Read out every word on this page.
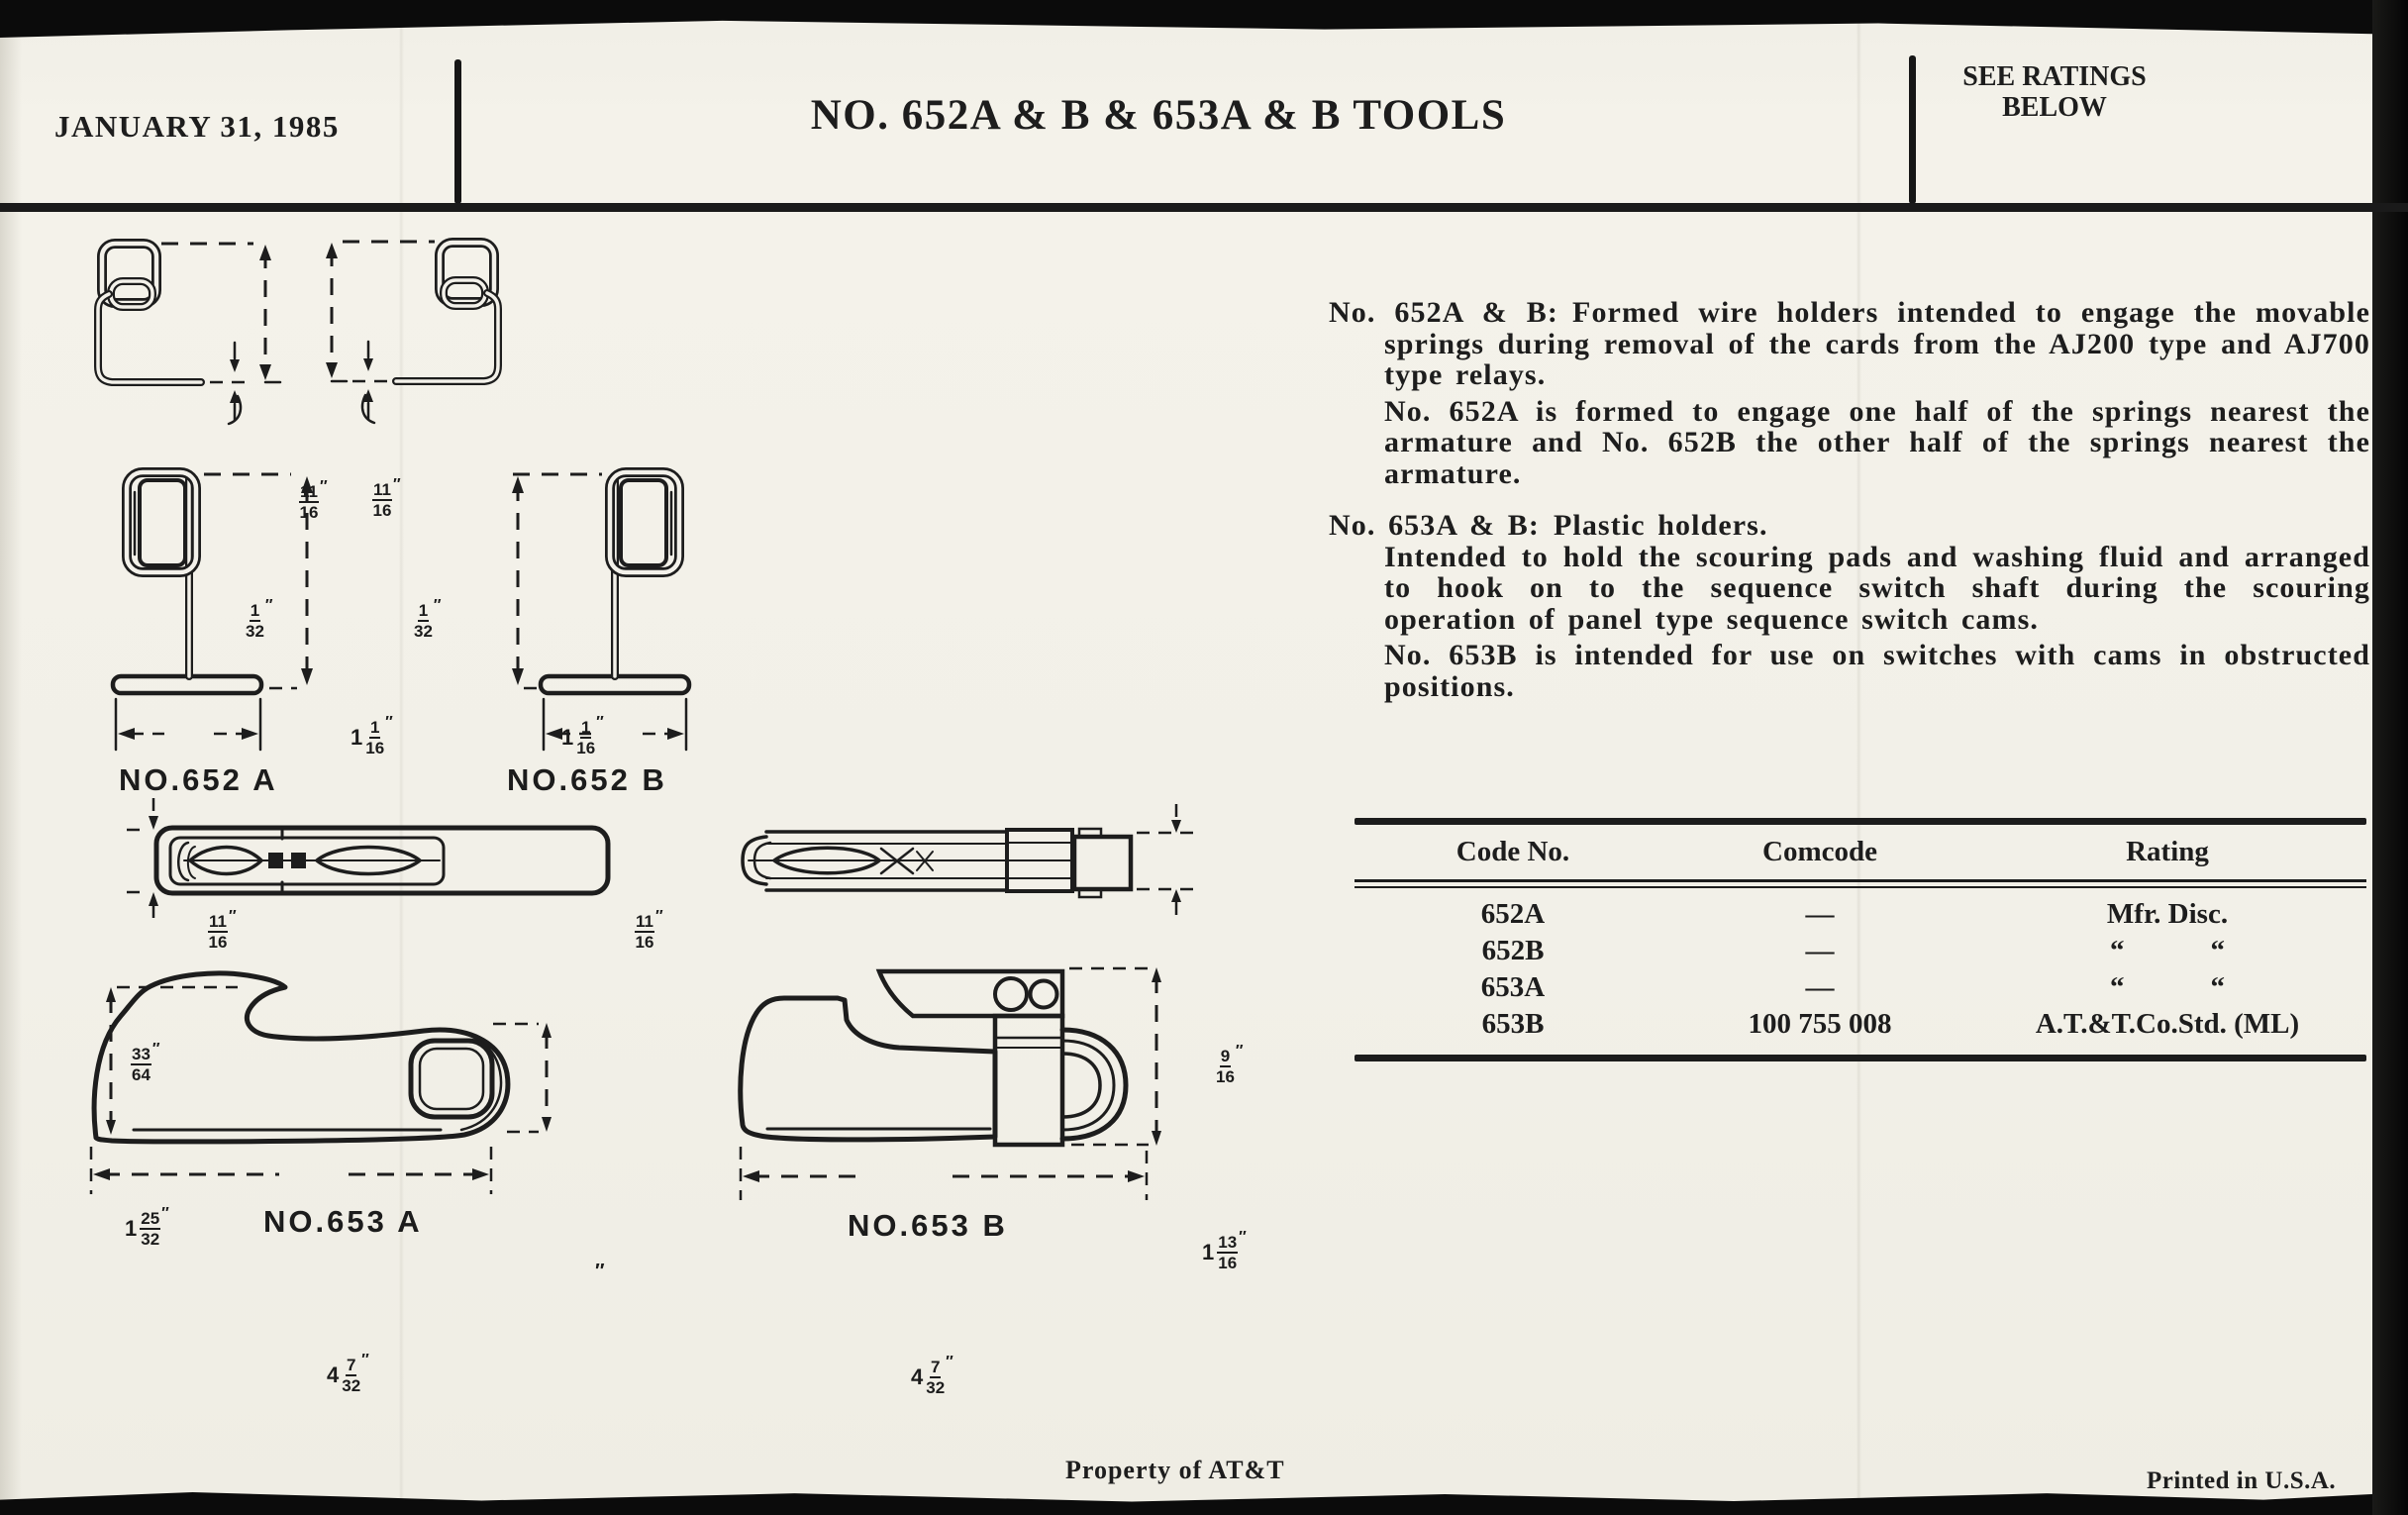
JANUARY 31, 1985	NO. 652A & B & 653A & B TOOLS
SEE RATINGS
BELOW
11
16
″
1
32
″
11
16
″
1
32
″
1 1
16
″
11
16
″
1 1
16
″
11
16
″
33
64
″	9
16
″
1 25
32
″
″
4 7
32
″
1 13
16
″
4 7
32
″
NO.652 A	NO.652 B
NO.653 A	NO.653 B

No. 652A & B: Formed wire holders intended to engage the movable springs during removal of the cards from the AJ200 type and AJ700 type relays.

No. 652A is formed to engage one half of the springs nearest the armature and No. 652B the other half of the springs nearest the armature.

No. 653A & B: Plastic holders.

Intended to hold the scouring pads and washing fluid and arranged to hook on to the sequence switch shaft during the scouring operation of panel type sequence switch cams.

No. 653B is intended for use on switches with cams in obstructed positions.

Code No.	Comcode	Rating
652A	—	Mfr. Disc.
652B	—	“      “
653A	—	“      “
653B	100 755 008	A.T.&T.Co.Std. (ML)
Property of AT&T	Printed in U.S.A.
